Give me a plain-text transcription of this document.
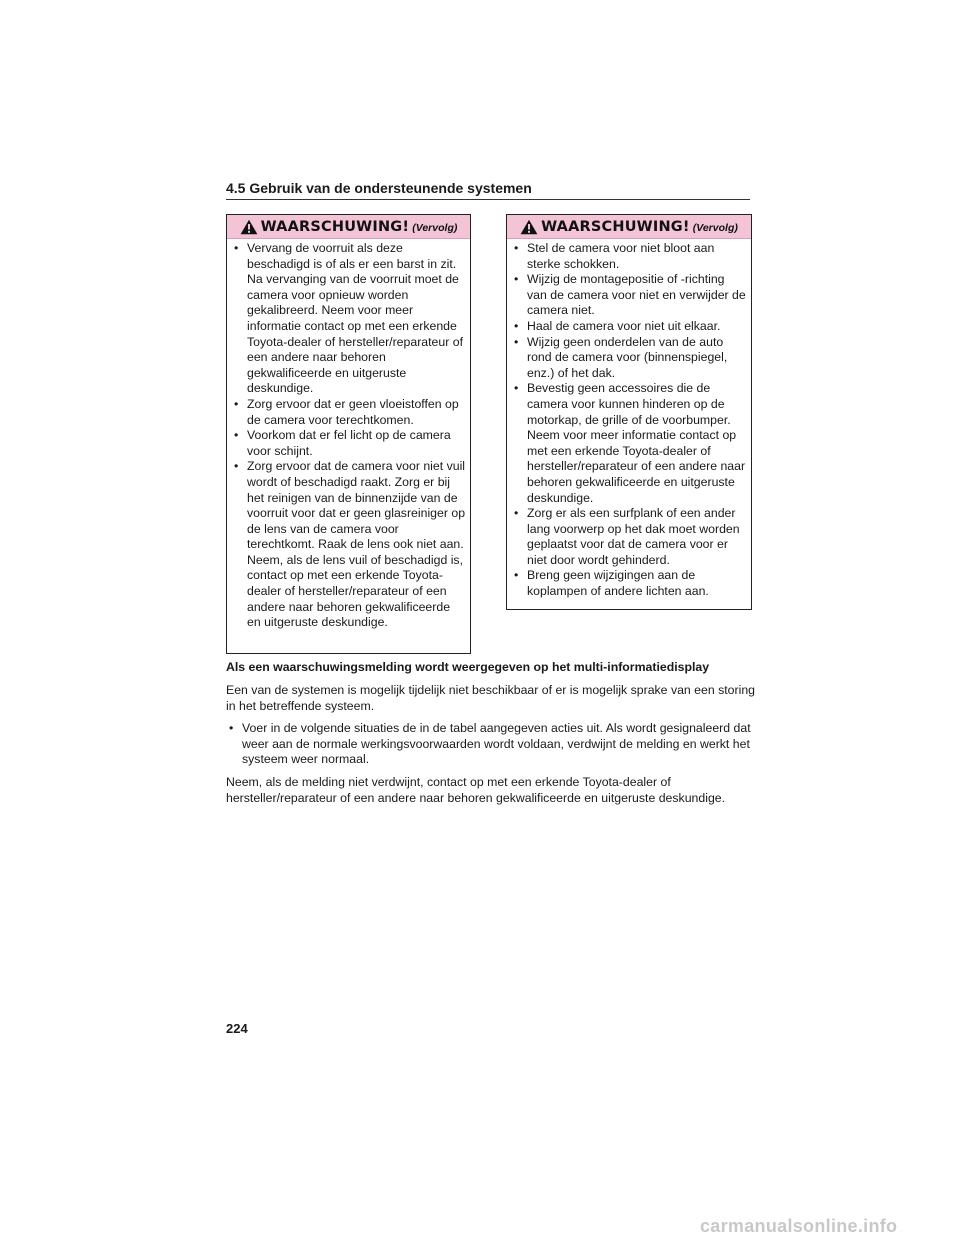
4.5 Gebruik van de ondersteunende systemen
WAARSCHUWING! (Vervolg)
• Vervang de voorruit als deze beschadigd is of als er een barst in zit. Na vervanging van de voorruit moet de camera voor opnieuw worden gekalibreerd. Neem voor meer informatie contact op met een erkende Toyota-dealer of hersteller/reparateur of een andere naar behoren gekwalificeerde en uitgeruste deskundige.
• Zorg ervoor dat er geen vloeistoffen op de camera voor terechtkomen.
• Voorkom dat er fel licht op de camera voor schijnt.
• Zorg ervoor dat de camera voor niet vuil wordt of beschadigd raakt. Zorg er bij het reinigen van de binnenzijde van de voorruit voor dat er geen glasreiniger op de lens van de camera voor terechtkomt. Raak de lens ook niet aan. Neem, als de lens vuil of beschadigd is, contact op met een erkende Toyota-dealer of hersteller/reparateur of een andere naar behoren gekwalificeerde en uitgeruste deskundige.
WAARSCHUWING! (Vervolg)
• Stel de camera voor niet bloot aan sterke schokken.
• Wijzig de montagepositie of -richting van de camera voor niet en verwijder de camera niet.
• Haal de camera voor niet uit elkaar.
• Wijzig geen onderdelen van de auto rond de camera voor (binnenspiegel, enz.) of het dak.
• Bevestig geen accessoires die de camera voor kunnen hinderen op de motorkap, de grille of de voorbumper. Neem voor meer informatie contact op met een erkende Toyota-dealer of hersteller/reparateur of een andere naar behoren gekwalificeerde en uitgeruste deskundige.
• Zorg er als een surfplank of een ander lang voorwerp op het dak moet worden geplaatst voor dat de camera voor er niet door wordt gehinderd.
• Breng geen wijzigingen aan de koplampen of andere lichten aan.
Als een waarschuwingsmelding wordt weergegeven op het multi-informatiedisplay

Een van de systemen is mogelijk tijdelijk niet beschikbaar of er is mogelijk sprake van een storing in het betreffende systeem.

• Voer in de volgende situaties de in de tabel aangegeven acties uit. Als wordt gesignaleerd dat weer aan de normale werkingsvoorwaarden wordt voldaan, verdwijnt de melding en werkt het systeem weer normaal.

Neem, als de melding niet verdwijnt, contact op met een erkende Toyota-dealer of hersteller/reparateur of een andere naar behoren gekwalificeerde en uitgeruste deskundige.

224
carmanualsonline.info
